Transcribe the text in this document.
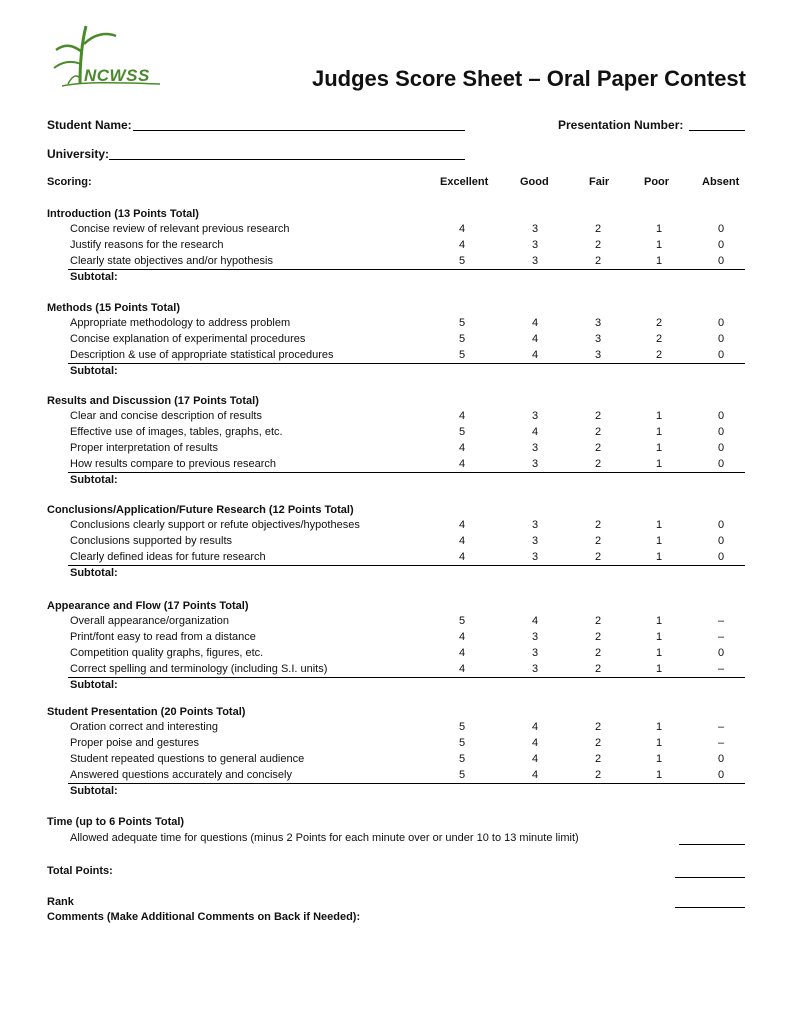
NCWSS	Judges Score Sheet – Oral Paper Contest
Student Name:	Presentation Number:
University:
Scoring:	Excellent	Good	Fair	Poor	Absent
Introduction (13 Points Total)
Concise review of relevant previous research	4	3	2	1	0
Justify reasons for the research	4	3	2	1	0
Clearly state objectives and/or hypothesis	5	3	2	1	0
Subtotal:
Methods (15 Points Total)
Appropriate methodology to address problem	5	4	3	2	0
Concise explanation of experimental procedures	5	4	3	2	0
Description & use of appropriate statistical procedures	5	4	3	2	0
Subtotal:
Results and Discussion (17 Points Total)
Clear and concise description of results	4	3	2	1	0
Effective use of images, tables, graphs, etc.	5	4	2	1	0
Proper interpretation of results	4	3	2	1	0
How results compare to previous research	4	3	2	1	0
Subtotal:
Conclusions/Application/Future Research (12 Points Total)
Conclusions clearly support or refute objectives/hypotheses	4	3	2	1	0
Conclusions supported by results	4	3	2	1	0
Clearly defined ideas for future research	4	3	2	1	0
Subtotal:
Appearance and Flow (17 Points Total)
Overall appearance/organization	5	4	2	1	–
Print/font easy to read from a distance	4	3	2	1	–
Competition quality graphs, figures, etc.	4	3	2	1	0
Correct spelling and terminology (including S.I. units)	4	3	2	1	–
Subtotal:
Student Presentation (20 Points Total)
Oration correct and interesting	5	4	2	1	–
Proper poise and gestures	5	4	2	1	–
Student repeated questions to general audience	5	4	2	1	0
Answered questions accurately and concisely	5	4	2	1	0
Subtotal:
Time (up to 6 Points Total)
Allowed adequate time for questions (minus 2 Points for each minute over or under 10 to 13 minute limit)
Total Points:
Rank
Comments (Make Additional Comments on Back if Needed):
